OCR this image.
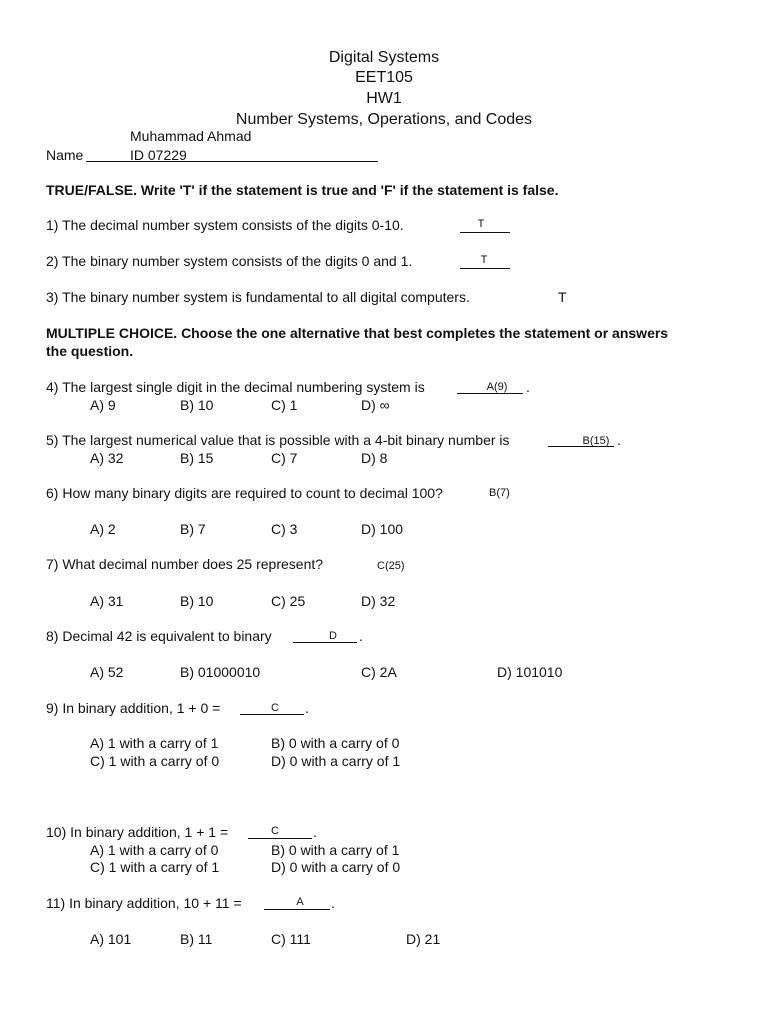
Digital Systems
EET105
HW1
Number Systems, Operations, and Codes
Muhammad Ahmad
Name	ID 07229
TRUE/FALSE. Write 'T' if the statement is true and 'F' if the statement is false.
1) The decimal number system consists of the digits 0-10.	T
2) The binary number system consists of the digits 0 and 1.	T
3) The binary number system is fundamental to all digital computers.	T
MULTIPLE CHOICE. Choose the one alternative that best completes the statement or answers
the question.
4) The largest single digit in the decimal numbering system is	A(9)	.
A) 9	B) 10	C) 1	D) ∞
5) The largest numerical value that is possible with a 4-bit binary number is	B(15) .
A) 32	B) 15	C) 7	D) 8
6) How many binary digits are required to count to decimal 100?	B(7)
A) 2	B) 7	C) 3	D) 100
7) What decimal number does 25 represent?	C(25)
A) 31	B) 10	C) 25	D) 32
8) Decimal 42 is equivalent to binary	D .
A) 52	B) 01000010	C) 2A	D) 101010
9) In binary addition, 1 + 0 =	C .
A) 1 with a carry of 1	B) 0 with a carry of 0
C) 1 with a carry of 0	D) 0 with a carry of 1
10) In binary addition, 1 + 1 =	C .
A) 1 with a carry of 0	B) 0 with a carry of 1
C) 1 with a carry of 1	D) 0 with a carry of 0
11) In binary addition, 10 + 11 =	A .
A) 101	B) 11	C) 111	D) 21
